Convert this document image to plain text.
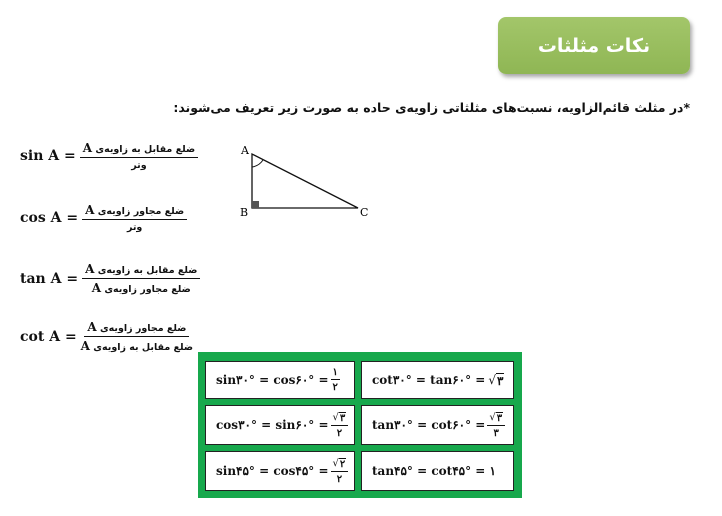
نکات مثلثات
*در مثلث قائم‌الزاویه، نسبت‌های مثلثاتی زاویه‌ی حاده به صورت زیر تعریف می‌شوند:
$\sin A = \frac{\text{ضلع مقابل به زاویه‌ی A}}{\text{وتر}}$
$\cos A = \frac{\text{ضلع مجاور زاویه‌ی A}}{\text{وتر}}$
$\tan A = \frac{\text{ضلع مقابل به زاویه‌ی A}}{\text{ضلع مجاور زاویه‌ی A}}$
$\cot A = \frac{\text{ضلع مجاور زاویه‌ی A}}{\text{ضلع مقابل به زاویه‌ی A}}$
A
B	C
sin۳۰° = cos۶۰° = $\frac{۱}{۲}$	cot۳۰° = tan۶۰° = √ ۳
cos۳۰° = sin۶۰° = $\frac{√ ۳}{۲}$ tan۳۰° = cot۶۰° = $\frac{√ ۳}{۳}$
sin۴۵° = cos۴۵° = $\frac{√ ۲}{۲}$ tan۴۵° = cot۴۵° = ۱
